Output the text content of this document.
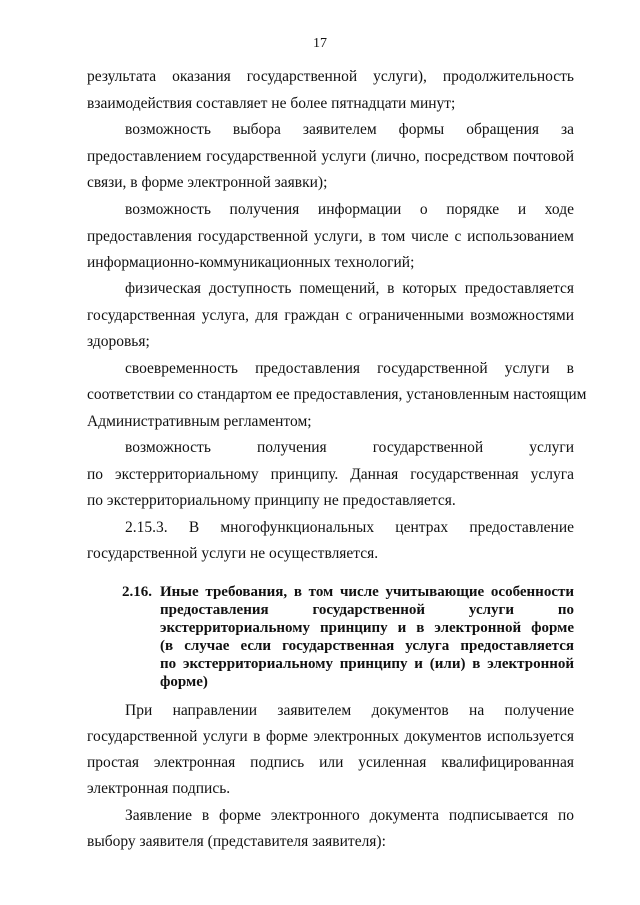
17
результата оказания государственной услуги), продолжительность
взаимодействия составляет не более пятнадцати минут;
возможность выбора заявителем формы обращения за
предоставлением государственной услуги (лично, посредством почтовой
связи, в форме электронной заявки);
возможность получения информации о порядке и ходе
предоставления государственной услуги, в том числе с использованием
информационно-коммуникационных технологий;
физическая доступность помещений, в которых предоставляется
государственная услуга, для граждан с ограниченными возможностями
здоровья;
своевременность предоставления государственной услуги в
соответствии со стандартом ее предоставления, установленным настоящим
Административным регламентом;
возможность получения государственной услуги
по экстерриториальному принципу. Данная государственная услуга
по экстерриториальному принципу не предоставляется.
2.15.3. В многофункциональных центрах предоставление
государственной услуги не осуществляется.
2.16. Иные требования, в том числе учитывающие особенности
предоставления государственной услуги по
экстерриториальному принципу и в электронной форме
(в случае если государственная услуга предоставляется
по экстерриториальному принципу и (или) в электронной
форме)
При направлении заявителем документов на получение
государственной услуги в форме электронных документов используется
простая электронная подпись или усиленная квалифицированная
электронная подпись.
Заявление в форме электронного документа подписывается по
выбору заявителя (представителя заявителя):
